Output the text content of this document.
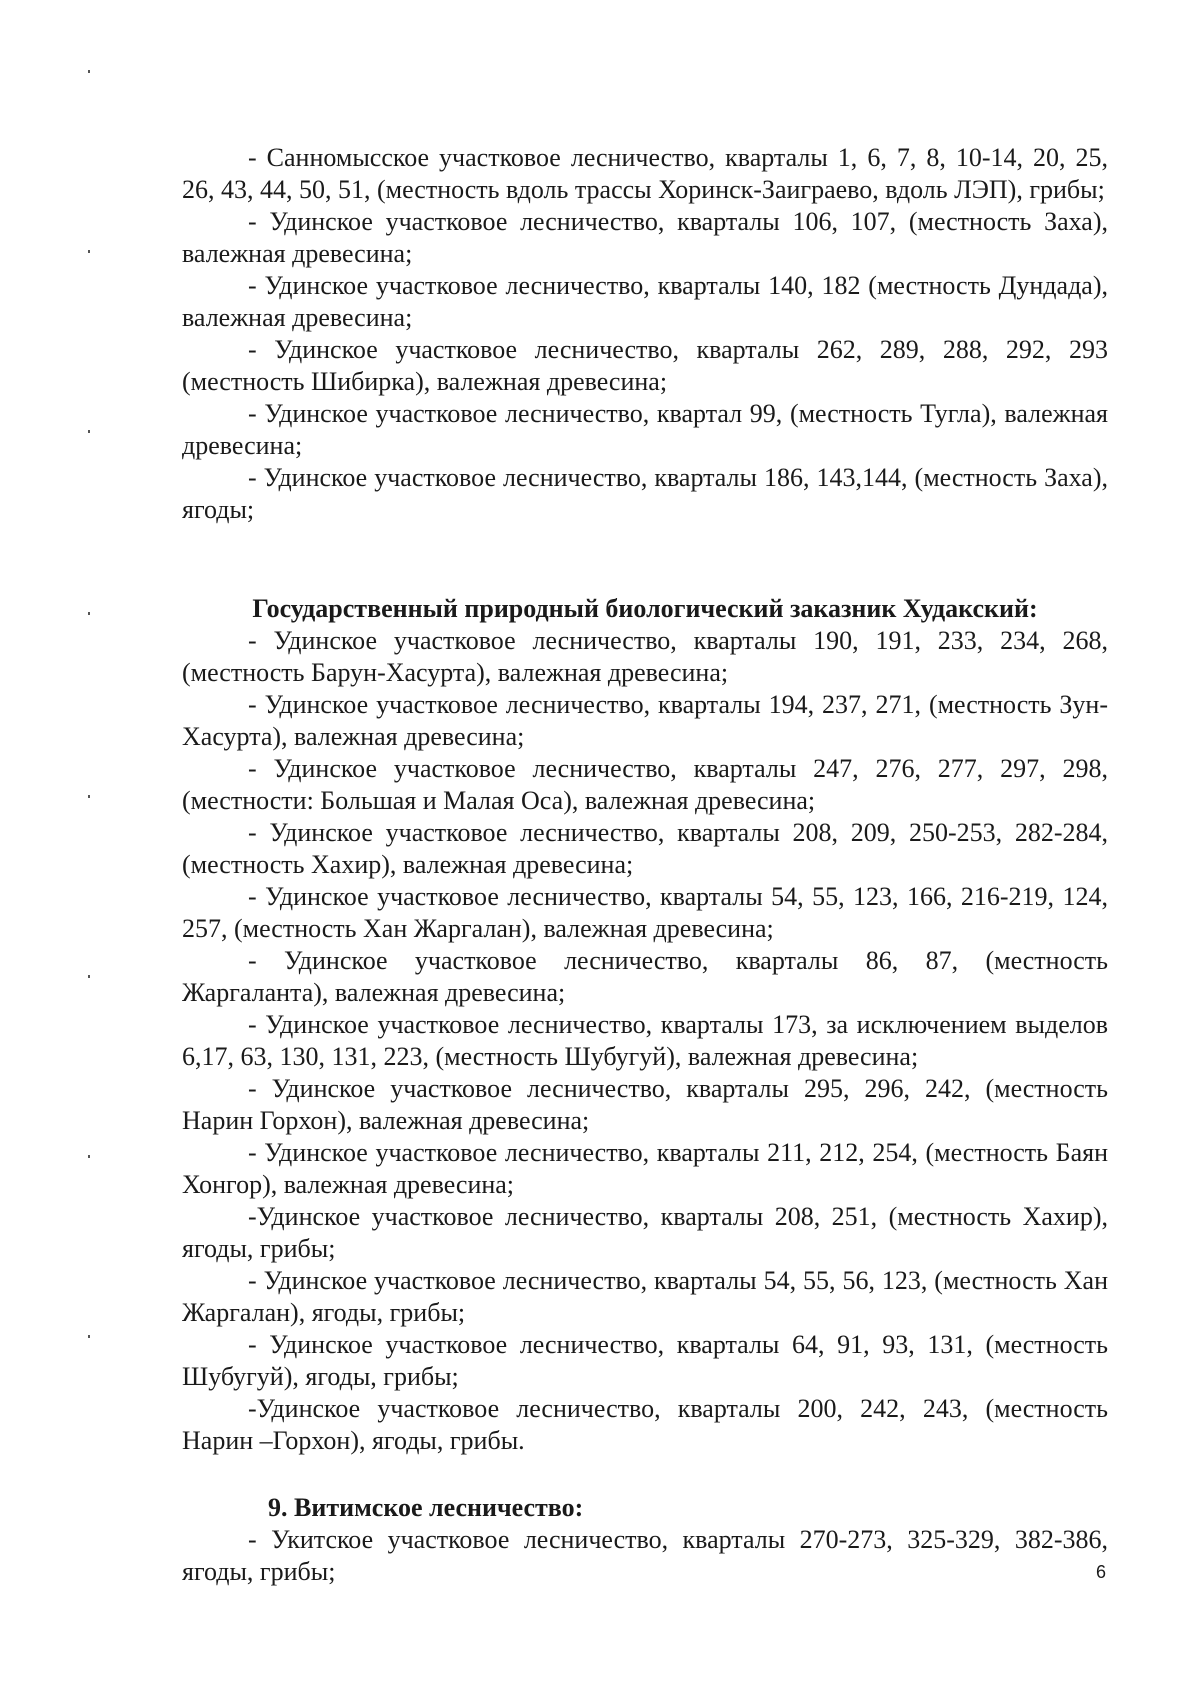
- Санномысское участковое лесничество, кварталы 1, 6, 7, 8, 10-14, 20, 25, 26, 43, 44, 50, 51, (местность вдоль трассы Хоринск-Заиграево, вдоль ЛЭП), грибы;

- Удинское участковое лесничество, кварталы 106, 107, (местность Заха), валежная древесина;

- Удинское участковое лесничество, кварталы 140, 182 (местность Дундада), валежная древесина;

- Удинское участковое лесничество, кварталы 262, 289, 288, 292, 293 (местность Шибирка), валежная древесина;

- Удинское участковое лесничество, квартал 99, (местность Тугла), валежная древесина;

- Удинское участковое лесничество, кварталы 186, 143,144, (местность Заха), ягоды;

Государственный природный биологический заказник Худакский:

- Удинское участковое лесничество, кварталы 190, 191, 233, 234, 268, (местность Барун-Хасурта), валежная древесина;

- Удинское участковое лесничество, кварталы 194, 237, 271, (местность Зун-Хасурта), валежная древесина;

- Удинское участковое лесничество, кварталы 247, 276, 277, 297, 298, (местности: Большая и Малая Оса), валежная древесина;

- Удинское участковое лесничество, кварталы 208, 209, 250-253, 282-284, (местность Хахир), валежная древесина;

- Удинское участковое лесничество, кварталы 54, 55, 123, 166, 216-219, 124, 257, (местность Хан Жаргалан), валежная древесина;

- Удинское участковое лесничество, кварталы 86, 87, (местность Жаргаланта), валежная древесина;

- Удинское участковое лесничество, кварталы 173, за исключением выделов 6,17, 63, 130, 131, 223, (местность Шубугуй), валежная древесина;

- Удинское участковое лесничество, кварталы 295, 296, 242, (местность Нарин Горхон), валежная древесина;

- Удинское участковое лесничество, кварталы 211, 212, 254, (местность Баян Хонгор), валежная древесина;

-Удинское участковое лесничество, кварталы 208, 251, (местность Хахир), ягоды, грибы;

- Удинское участковое лесничество, кварталы 54, 55, 56, 123, (местность Хан Жаргалан), ягоды, грибы;

- Удинское участковое лесничество, кварталы 64, 91, 93, 131, (местность Шубугуй), ягоды, грибы;

-Удинское участковое лесничество, кварталы 200, 242, 243, (местность Нарин –Горхон), ягоды, грибы.

9. Витимское лесничество:

- Укитское участковое лесничество, кварталы 270-273, 325-329, 382-386, ягоды, грибы;	6
